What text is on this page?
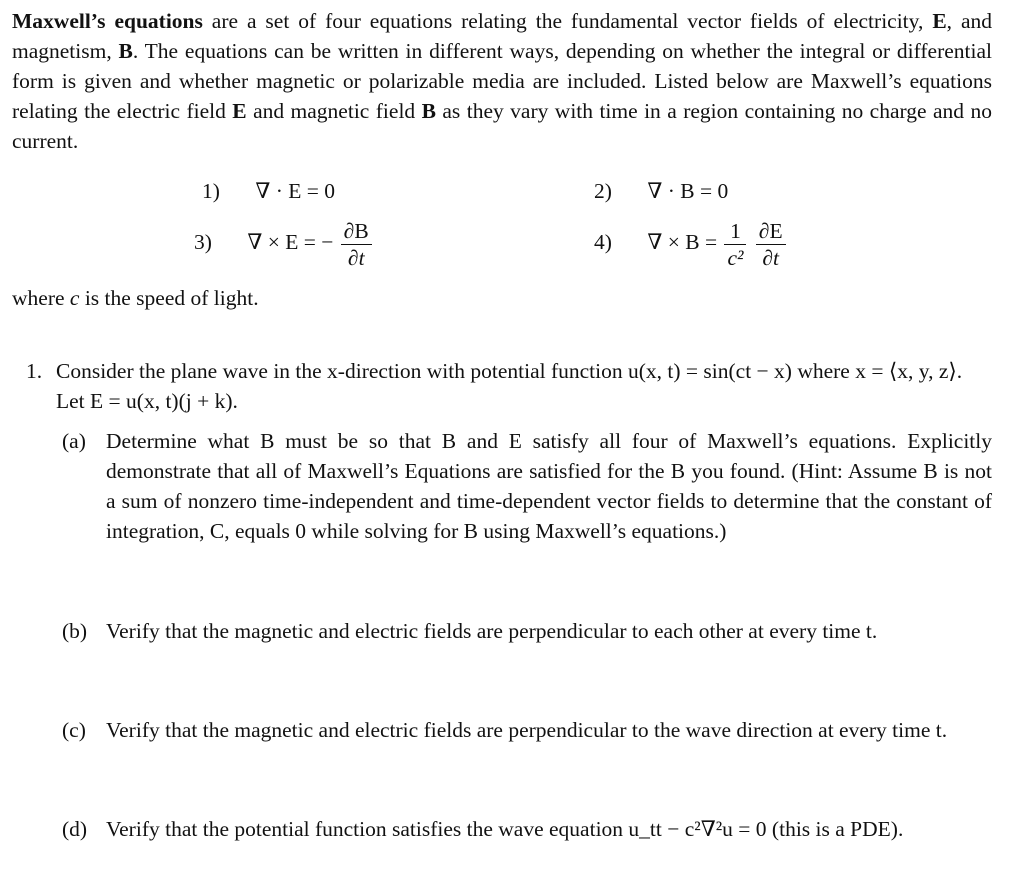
Maxwell’s equations are a set of four equations relating the fundamental vector fields of electricity, E, and magnetism, B. The equations can be written in different ways, depending on whether the integral or differential form is given and whether magnetic or polarizable media are included. Listed below are Maxwell’s equations relating the electric field E and magnetic field B as they vary with time in a region containing no charge and no current.

1) ∇ · E = 0	2) ∇ · B = 0
3) ∇ × E = − $\frac{\partial B}{\partial t}$	4) ∇ × $B = \frac{1}{\text{c²}}$
$\frac{\partial E}{\partial t}$
where c is the speed of light.
1. Consider the plane wave in the x-direction with potential function u(x, t) = sin(ct − x) where x = ⟨x, y, z⟩. Let E = u(x, t)(j + k).
(a) Determine what B must be so that B and E satisfy all four of Maxwell’s equations. Explicitly demonstrate that all of Maxwell’s Equations are satisfied for the B you found. (Hint: Assume B is not a sum of nonzero time-independent and time-dependent vector fields to determine that the constant of integration, C, equals 0 while solving for B using Maxwell’s equations.)
(b) Verify that the magnetic and electric fields are perpendicular to each other at every time t.
(c) Verify that the magnetic and electric fields are perpendicular to the wave direction at every time t.
(d) Verify that the potential function satisfies the wave equation u_tt − c²∇²u = 0 (this is a PDE).
